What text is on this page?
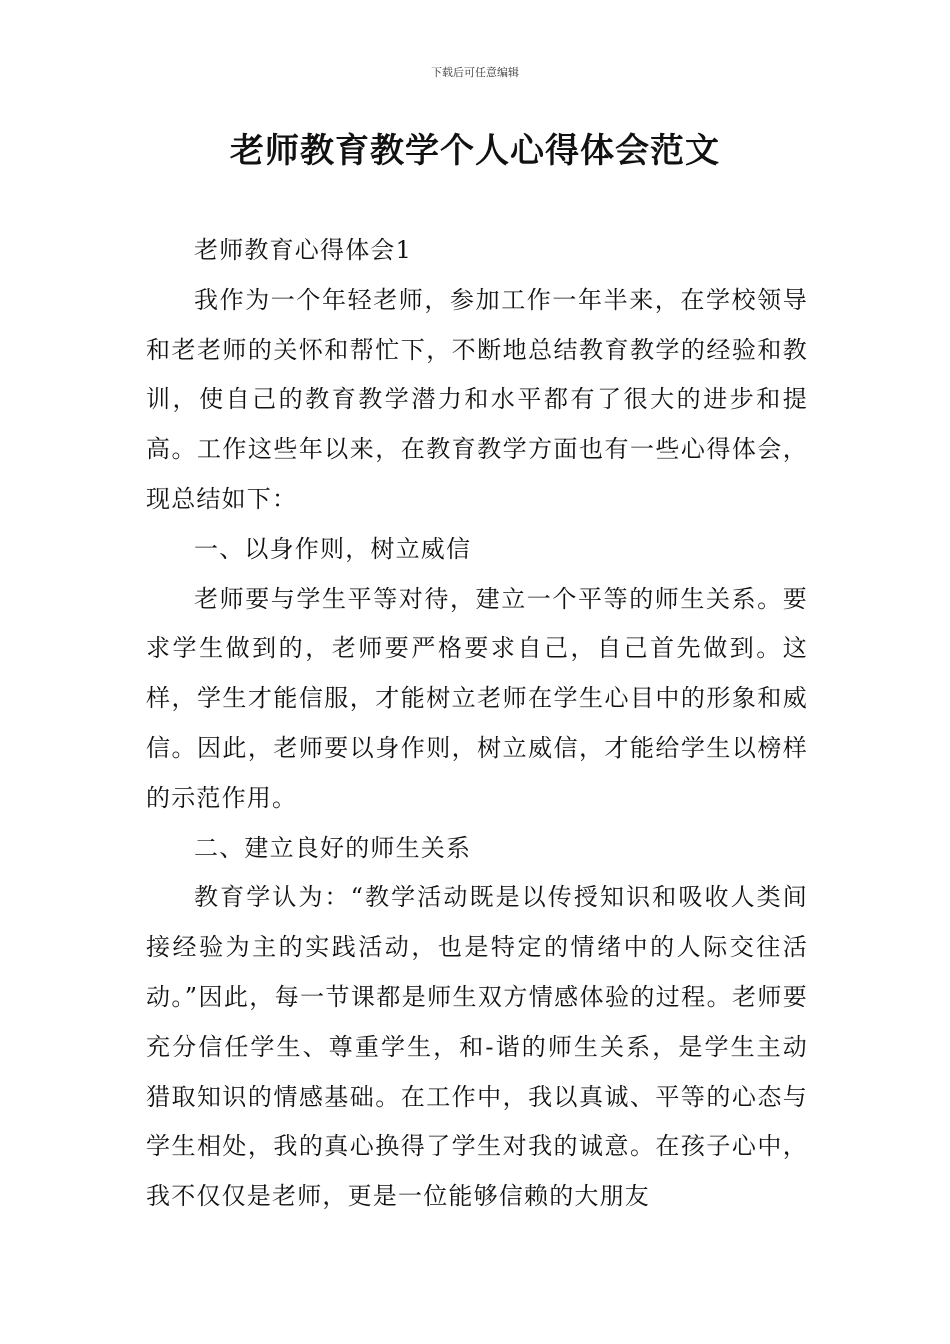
下载后可任意编辑
老师教育教学个人心得体会范文

老师教育心得体会1

我作为一个年轻老师，参加工作一年半来，在学校领导和老老师的关怀和帮忙下，不断地总结教育教学的经验和教训，使自己的教育教学潜力和水平都有了很大的进步和提高。工作这些年以来，在教育教学方面也有一些心得体会，现总结如下：

一、以身作则，树立威信

老师要与学生平等对待，建立一个平等的师生关系。要求学生做到的，老师要严格要求自己，自己首先做到。这样，学生才能信服，才能树立老师在学生心目中的形象和威信。因此，老师要以身作则，树立威信，才能给学生以榜样的示范作用。

二、建立良好的师生关系

教育学认为：“教学活动既是以传授知识和吸收人类间接经验为主的实践活动，也是特定的情绪中的人际交往活动。”因此，每一节课都是师生双方情感体验的过程。老师要充分信任学生、尊重学生，和-谐的师生关系，是学生主动猎取知识的情感基础。在工作中，我以真诚、平等的心态与学生相处，我的真心换得了学生对我的诚意。在孩子心中，我不仅仅是老师，更是一位能够信赖的大朋友
